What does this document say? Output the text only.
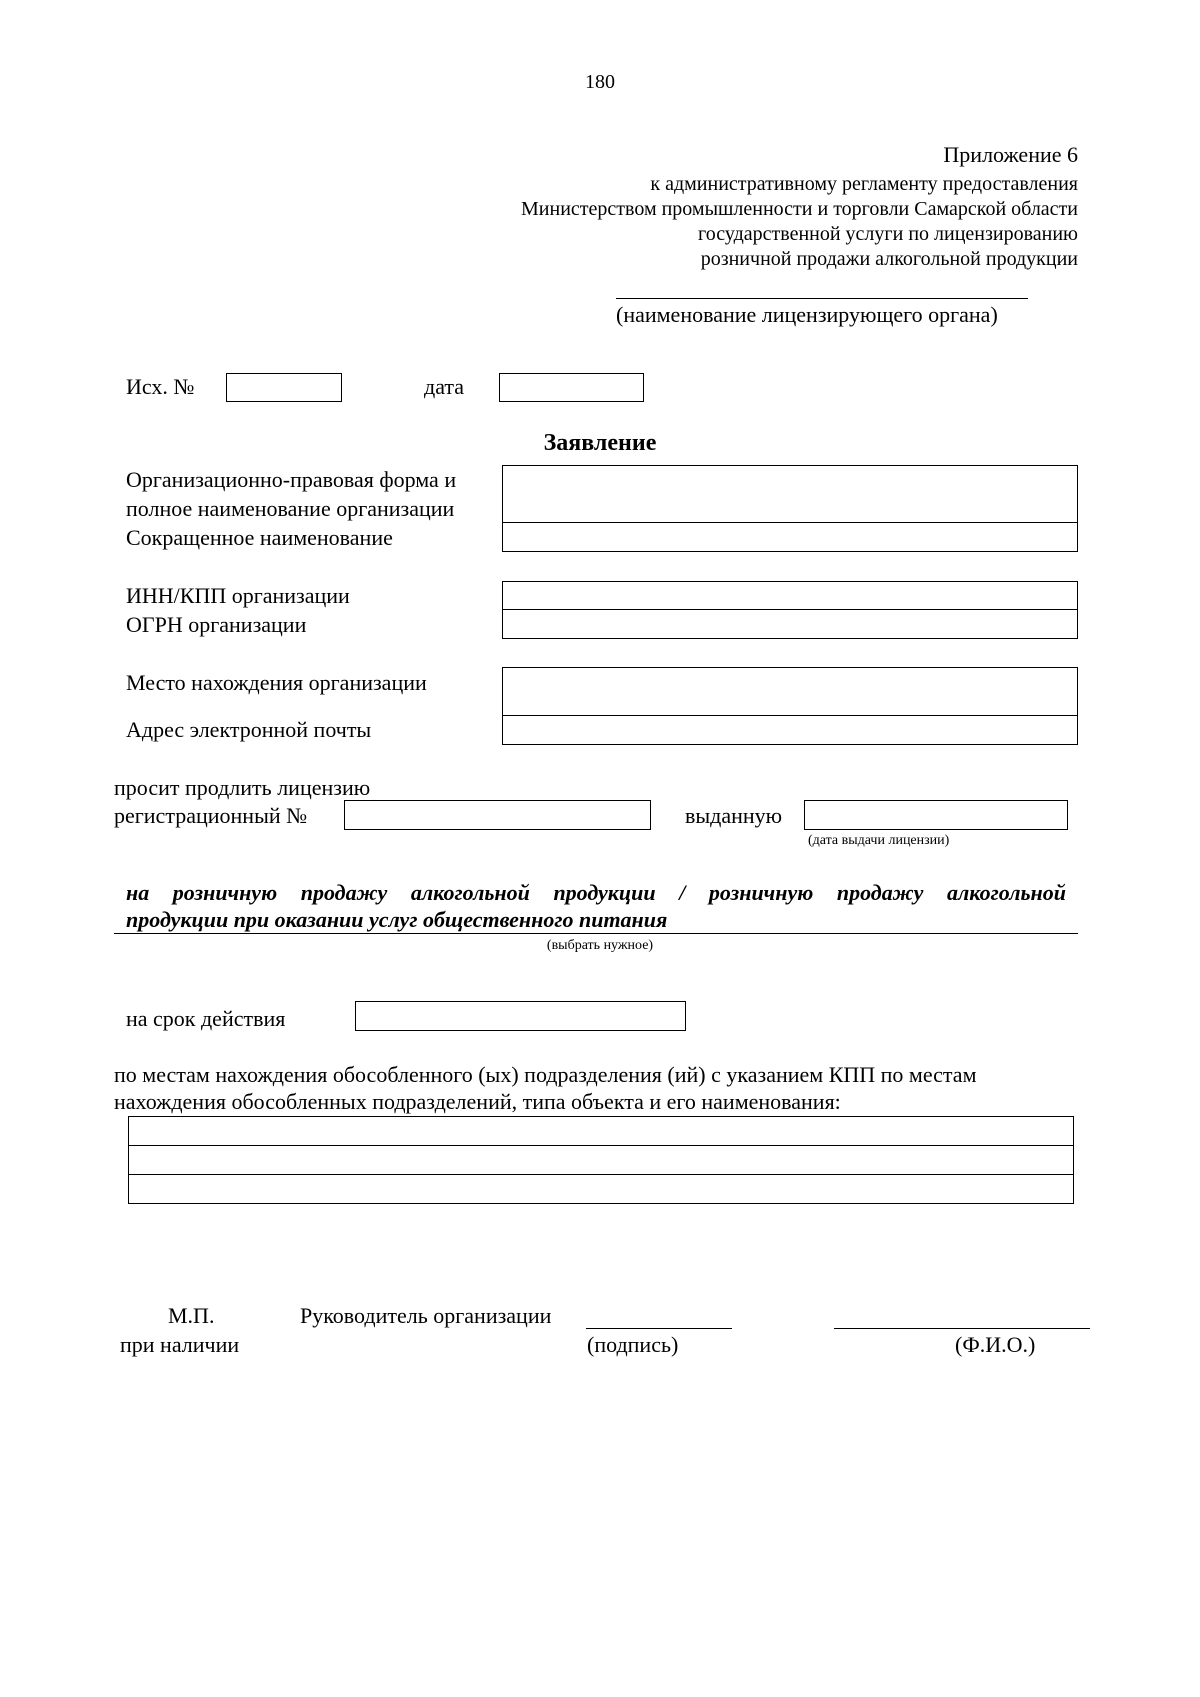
180
Приложение 6
к административному регламенту предоставления
Министерством промышленности и торговли Самарской области
государственной услуги по лицензированию
розничной продажи алкогольной продукции
(наименование лицензирующего органа)
Исх. №	дата
Заявление
Организационно-правовая форма и
полное наименование организации
Сокращенное наименование
ИНН/КПП организации
ОГРН организации
Место нахождения организации
Адрес электронной почты
просит продлить лицензию
регистрационный №	выданную
(дата выдачи лицензии)
на розничную продажу алкогольной продукции / розничную продажу алкогольной
продукции при оказании услуг общественного питания
(выбрать нужное)
на срок действия
по местам нахождения обособленного (ых) подразделения (ий) с указанием КПП по местам
нахождения обособленных подразделений, типа объекта и его наименования:
М.П.
при наличии
Руководитель организации
(подпись)	(Ф.И.О.)
